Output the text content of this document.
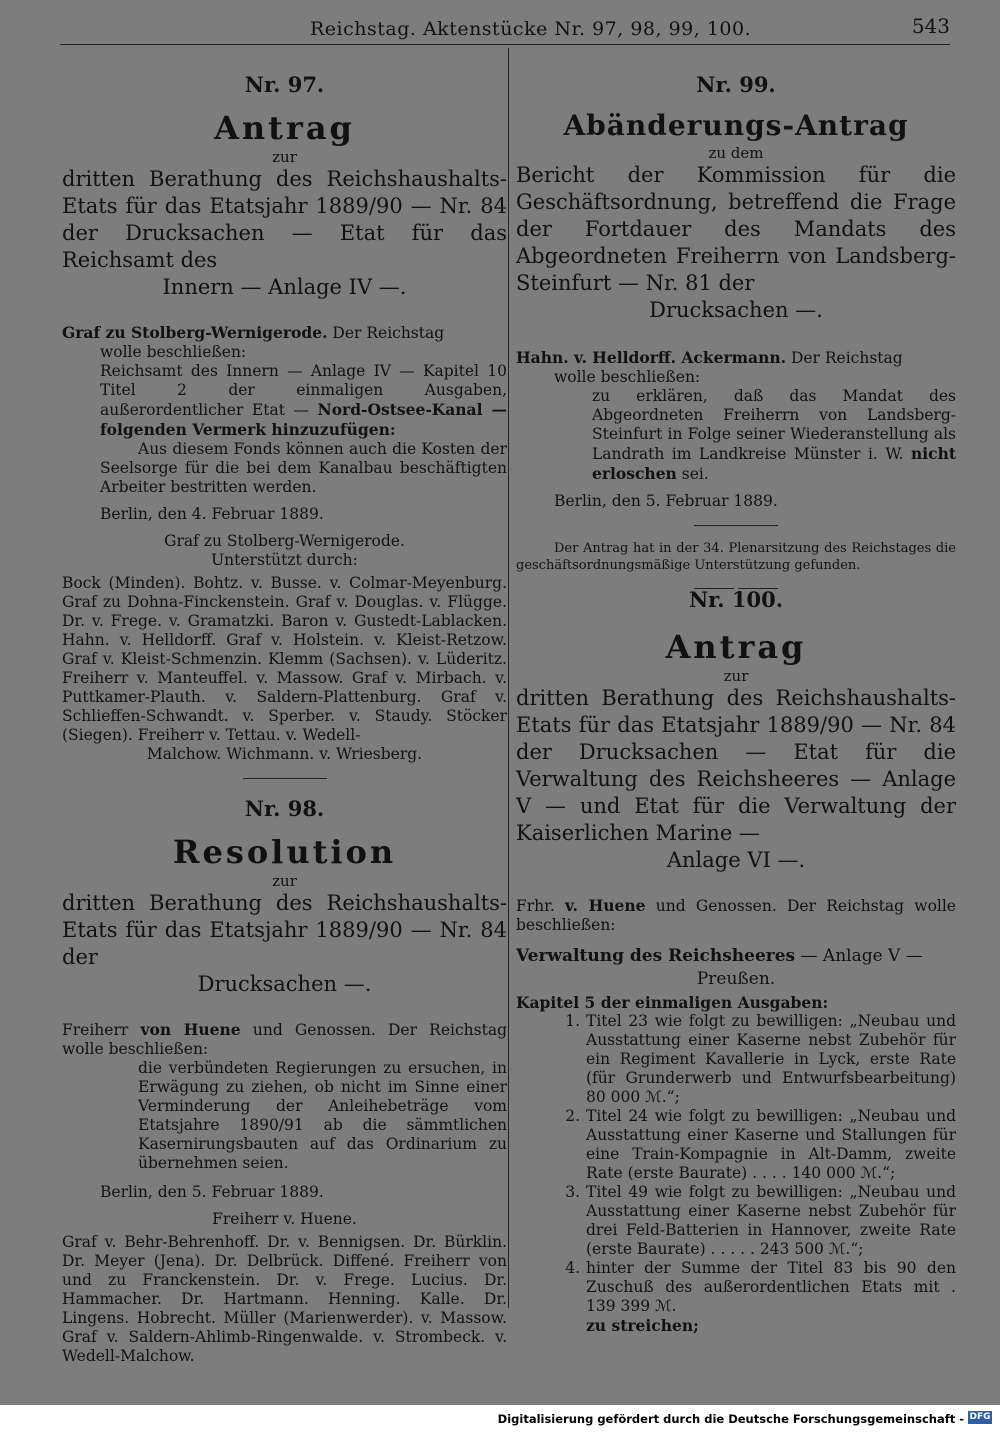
Reichstag. Aktenstücke Nr. 97, 98, 99, 100.	543
Nr. 97.
Antrag
zur
dritten Berathung des Reichshaushalts-Etats für das Etatsjahr 1889/90 — Nr. 84 der Drucksachen — Etat für das Reichsamt des
Innern — Anlage IV —.
Graf zu Stolberg-Wernigerode. Der Reichstag
wolle beschließen:
Reichsamt des Innern — Anlage IV — Kapitel 10 Titel 2 der einmaligen Ausgaben, außerordentlicher Etat — Nord-Ostsee-Kanal — folgenden Vermerk hinzuzufügen:
Aus diesem Fonds können auch die Kosten der Seelsorge für die bei dem Kanalbau beschäftigten Arbeiter bestritten werden.
Berlin, den 4. Februar 1889.
Graf zu Stolberg-Wernigerode.
Unterstützt durch:
Bock (Minden). Bohtz. v. Busse. v. Colmar-Meyenburg. Graf zu Dohna-Finckenstein. Graf v. Douglas. v. Flügge. Dr. v. Frege. v. Gramatzki. Baron v. Gustedt-Lablacken. Hahn. v. Helldorff. Graf v. Holstein. v. Kleist-Retzow. Graf v. Kleist-Schmenzin. Klemm (Sachsen). v. Lüderitz. Freiherr v. Manteuffel. v. Massow. Graf v. Mirbach. v. Puttkamer-Plauth. v. Saldern-Plattenburg. Graf v. Schlieffen-Schwandt. v. Sperber. v. Staudy. Stöcker (Siegen). Freiherr v. Tettau. v. Wedell-
Malchow. Wichmann. v. Wriesberg.
Nr. 98.
Resolution
zur
dritten Berathung des Reichshaushalts-Etats für das Etatsjahr 1889/90 — Nr. 84 der
Drucksachen —.
Freiherr von Huene und Genossen. Der Reichstag wolle beschließen:
die verbündeten Regierungen zu ersuchen, in Erwägung zu ziehen, ob nicht im Sinne einer Verminderung der Anleihebeträge vom Etatsjahre 1890/91 ab die sämmtlichen Kasernirungsbauten auf das Ordinarium zu übernehmen seien.
Berlin, den 5. Februar 1889.
Freiherr v. Huene.
Graf v. Behr-Behrenhoff. Dr. v. Bennigsen. Dr. Bürklin. Dr. Meyer (Jena). Dr. Delbrück. Diffené. Freiherr von und zu Franckenstein. Dr. v. Frege. Lucius. Dr. Hammacher. Dr. Hartmann. Henning. Kalle. Dr. Lingens. Hobrecht. Müller (Marienwerder). v. Massow. Graf v. Saldern-Ahlimb-Ringenwalde. v. Strombeck. v. Wedell-Malchow.
Nr. 99.
Abänderungs-Antrag
zu dem
Bericht der Kommission für die Geschäftsordnung, betreffend die Frage der Fortdauer des Mandats des Abgeordneten Freiherrn von Landsberg-Steinfurt — Nr. 81 der
Drucksachen —.
Hahn. v. Helldorff. Ackermann. Der Reichstag
wolle beschließen:
zu erklären, daß das Mandat des Abgeordneten Freiherrn von Landsberg-Steinfurt in Folge seiner Wiederanstellung als Landrath im Landkreise Münster i. W. nicht erloschen sei.
Berlin, den 5. Februar 1889.
Der Antrag hat in der 34. Plenarsitzung des Reichstages die geschäftsordnungsmäßige Unterstützung gefunden.
Nr. 100.
Antrag
zur
dritten Berathung des Reichshaushalts-Etats für das Etatsjahr 1889/90 — Nr. 84 der Drucksachen — Etat für die Verwaltung des Reichsheeres — Anlage V — und Etat für die Verwaltung der Kaiserlichen Marine —
Anlage VI —.
Frhr. v. Huene und Genossen. Der Reichstag wolle beschließen:
Verwaltung des Reichsheeres — Anlage V —
Preußen.
Kapitel 5 der einmaligen Ausgaben:
1. Titel 23 wie folgt zu bewilligen: „Neubau und Ausstattung einer Kaserne nebst Zubehör für ein Regiment Kavallerie in Lyck, erste Rate (für Grunderwerb und Entwurfsbearbeitung) 80 000 ℳ.“;
2. Titel 24 wie folgt zu bewilligen: „Neubau und Ausstattung einer Kaserne und Stallungen für eine Train-Kompagnie in Alt-Damm, zweite Rate (erste Baurate) . . . . 140 000 ℳ.“;
3. Titel 49 wie folgt zu bewilligen: „Neubau und Ausstattung einer Kaserne nebst Zubehör für drei Feld-Batterien in Hannover, zweite Rate (erste Baurate) . . . . . 243 500 ℳ.“;
4. hinter der Summe der Titel 83 bis 90 den Zuschuß des außerordentlichen Etats mit . 139 399 ℳ.
zu streichen;
Digitalisierung gefördert durch die Deutsche Forschungsgemeinschaft - DFG
